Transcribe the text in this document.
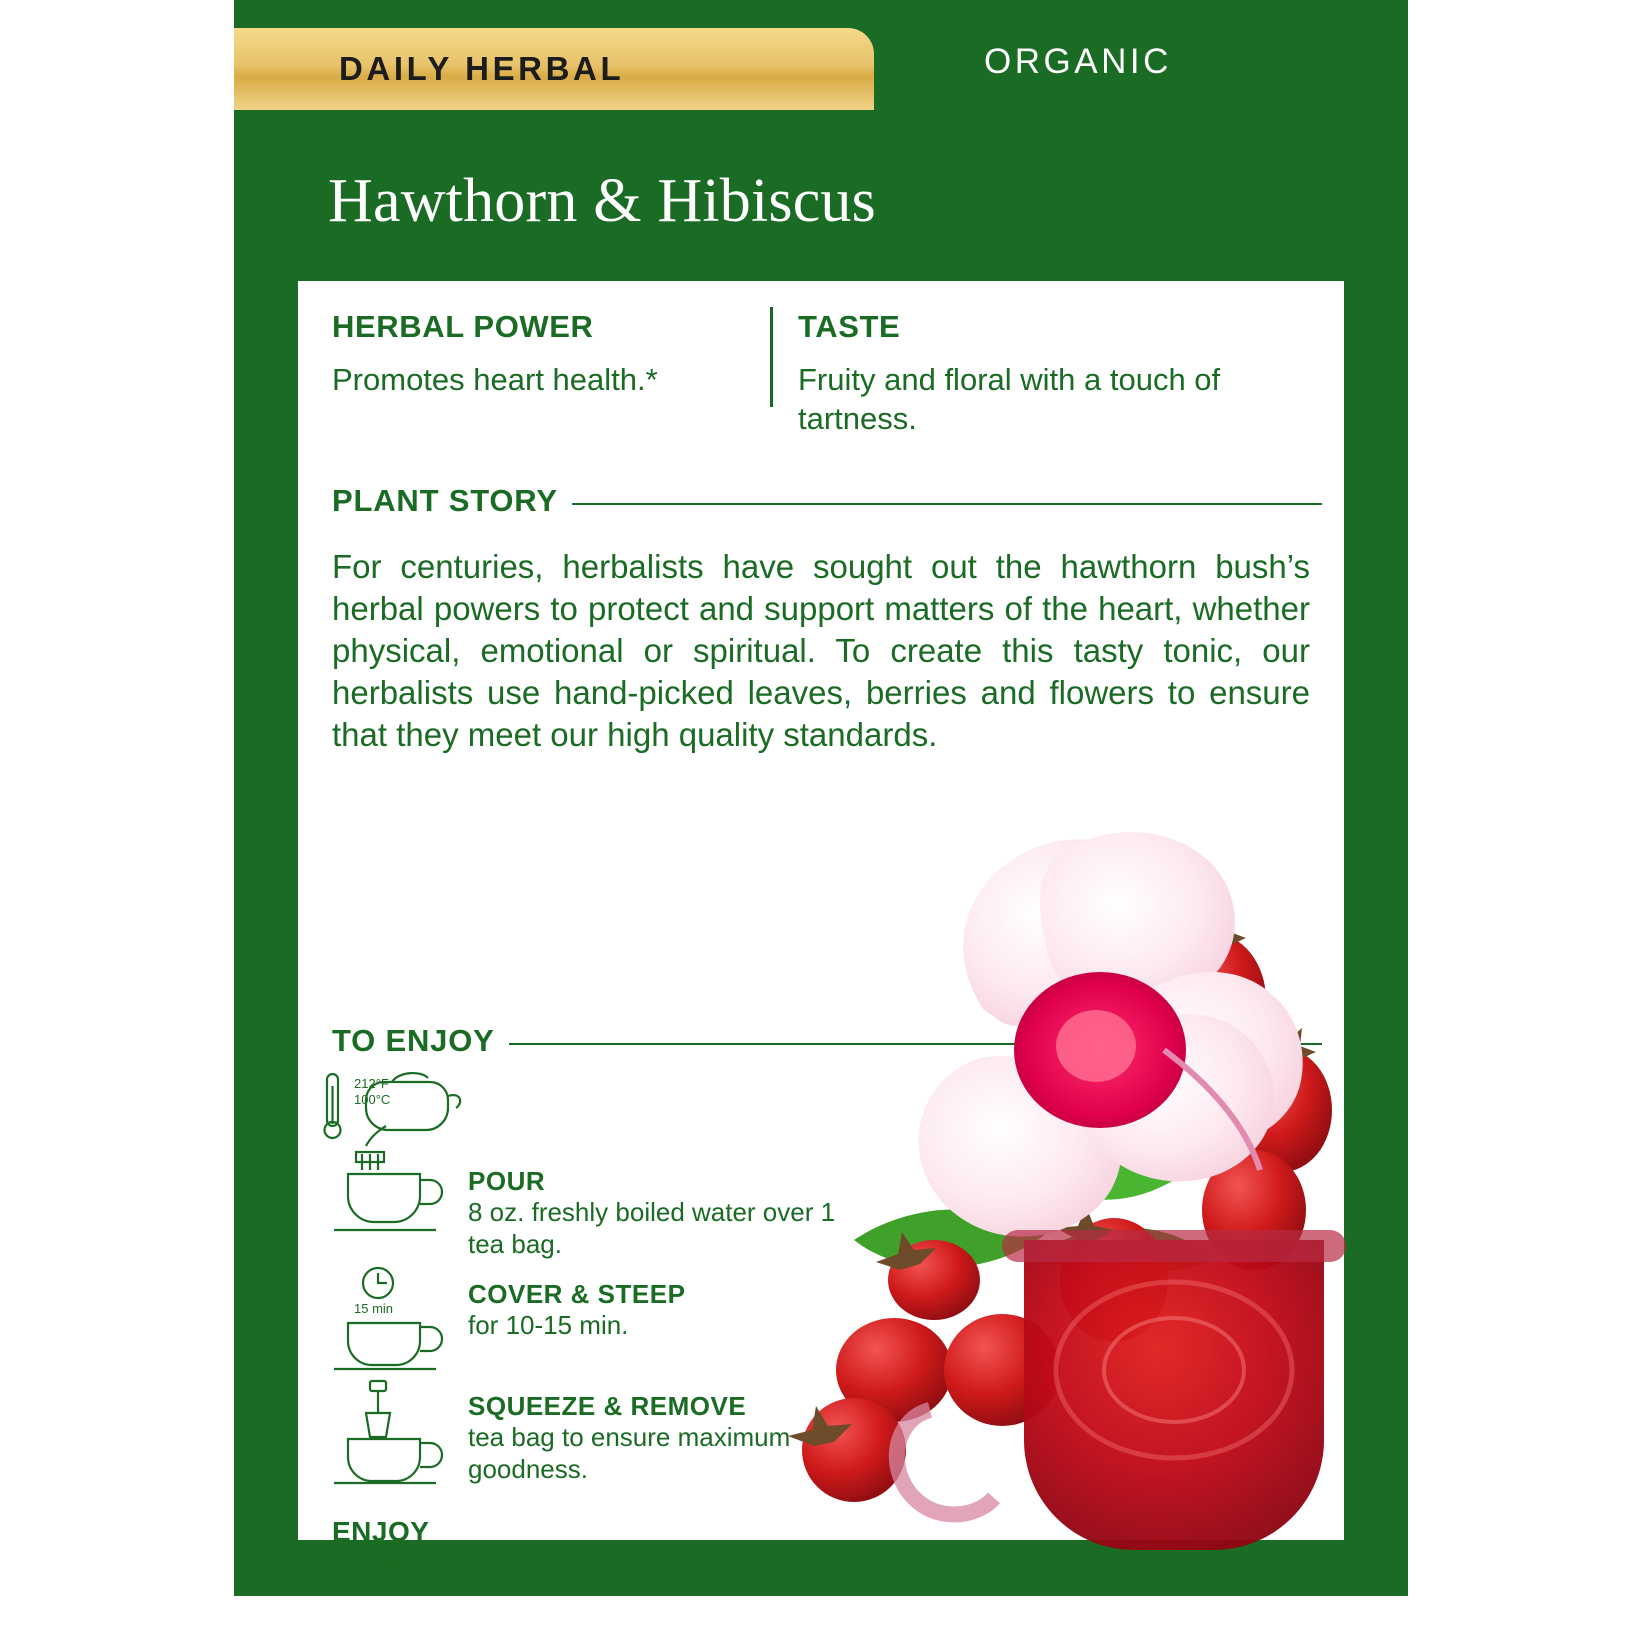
DAILY HERBAL	ORGANIC
Hawthorn & Hibiscus
HERBAL POWER
Promotes heart health.*
TASTE
Fruity and floral with a touch of tartness.
PLANT STORY
For centuries, herbalists have sought out the hawthorn bush’s herbal powers to protect and support matters of the heart, whether physical, emotional or spiritual. To create this tasty tonic, our herbalists use hand-picked leaves, berries and flowers to ensure that they meet our high quality standards.
TO ENJOY
212°F
100°C
POUR
8 oz. freshly boiled water over 1 tea bag.
15 min	COVER & STEEP
for 10-15 min.
SQUEEZE & REMOVE
tea bag to ensure maximum goodness.
ENJOY
3-4 cups per day.
